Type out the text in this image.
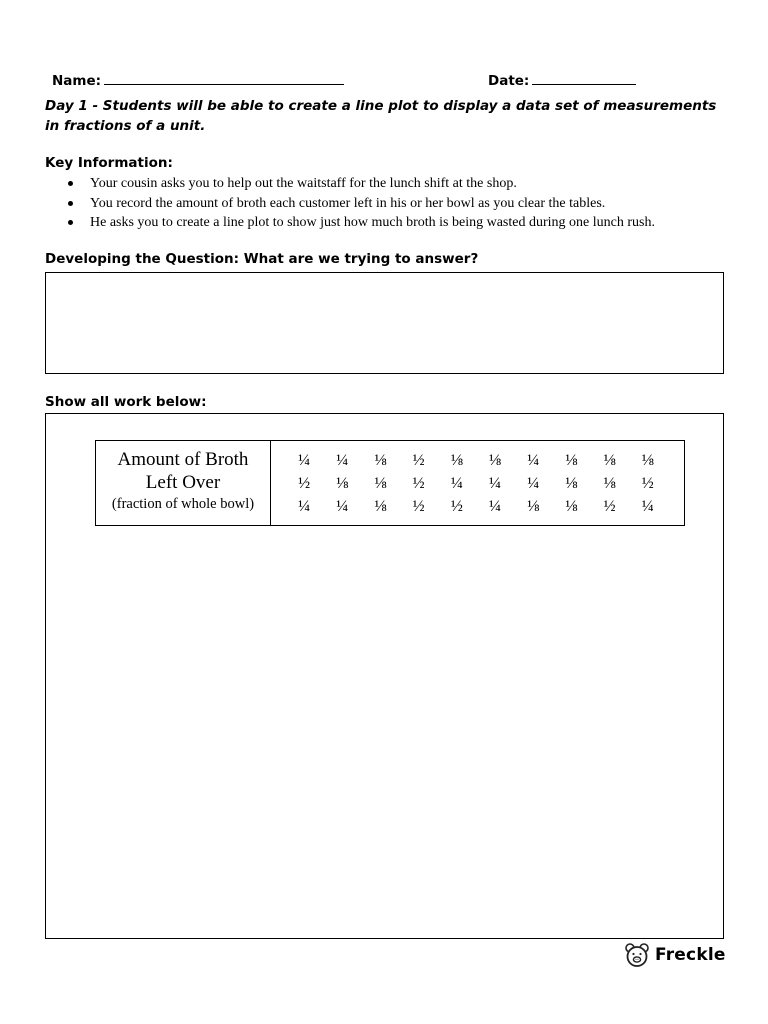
Name:	Date:
Day 1 - Students will be able to create a line plot to display a data set of measurements in fractions of a unit.
Key Information:
Your cousin asks you to help out the waitstaff for the lunch shift at the shop.
You record the amount of broth each customer left in his or her bowl as you clear the tables.
He asks you to create a line plot to show just how much broth is being wasted during one lunch rush.
Developing the Question: What are we trying to answer?
Show all work below:
Amount of Broth
Left Over
(fraction of whole bowl)
¼	¼	⅛	½	⅛	⅛	¼	⅛	⅛	⅛
½	⅛	⅛	½	¼	¼	¼	⅛	⅛	½
¼	¼	⅛	½	½	¼	⅛	⅛	½	¼
Freckle
